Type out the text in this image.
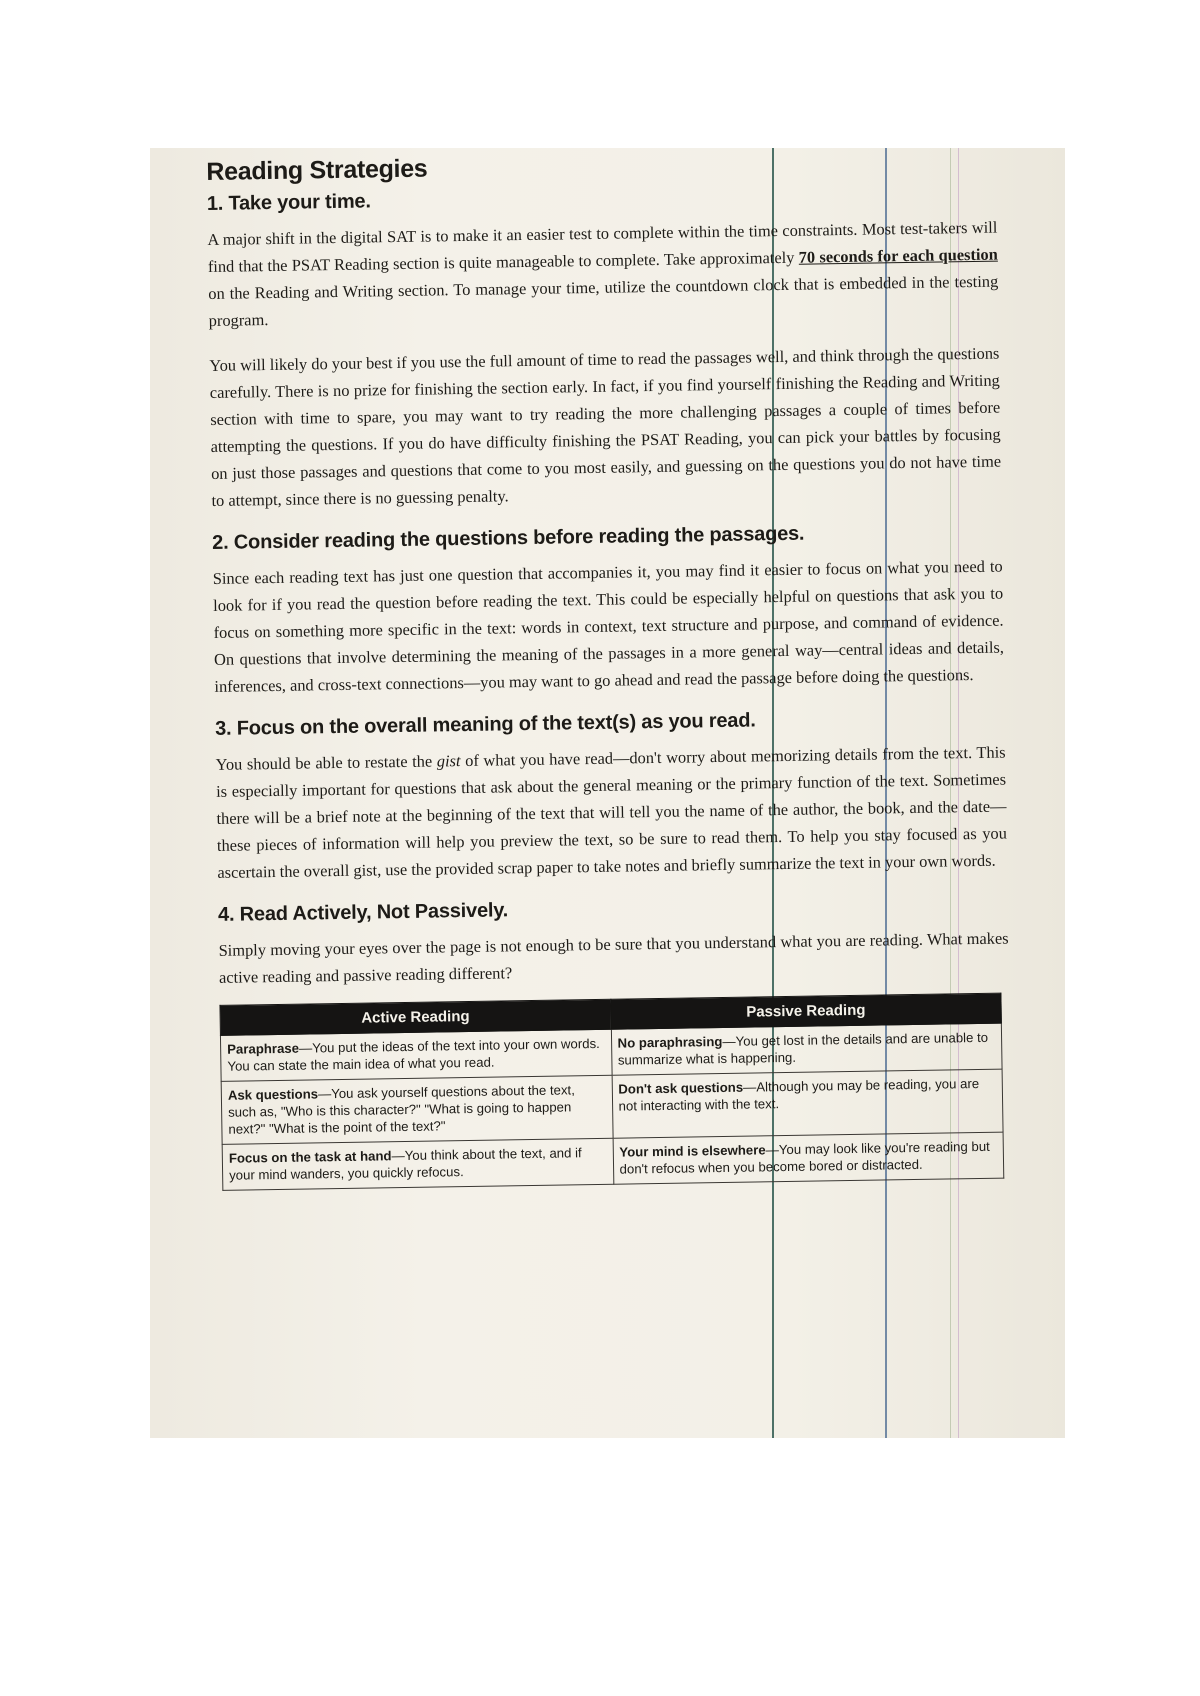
Reading Strategies
1. Take your time.

A major shift in the digital SAT is to make it an easier test to complete within the time constraints. Most test-takers will find that the PSAT Reading section is quite manageable to complete. Take approximately 70 seconds for each question on the Reading and Writing section. To manage your time, utilize the countdown clock that is embedded in the testing program.

You will likely do your best if you use the full amount of time to read the passages well, and think through the questions carefully. There is no prize for finishing the section early. In fact, if you find yourself finishing the Reading and Writing section with time to spare, you may want to try reading the more challenging passages a couple of times before attempting the questions. If you do have difficulty finishing the PSAT Reading, you can pick your battles by focusing on just those passages and questions that come to you most easily, and guessing on the questions you do not have time to attempt, since there is no guessing penalty.

2. Consider reading the questions before reading the passages.

Since each reading text has just one question that accompanies it, you may find it easier to focus on what you need to look for if you read the question before reading the text. This could be especially helpful on questions that ask you to focus on something more specific in the text: words in context, text structure and purpose, and command of evidence. On questions that involve determining the meaning of the passages in a more general way—central ideas and details, inferences, and cross-text connections—you may want to go ahead and read the passage before doing the questions.

3. Focus on the overall meaning of the text(s) as you read.

You should be able to restate the gist of what you have read—don't worry about memorizing details from the text. This is especially important for questions that ask about the general meaning or the primary function of the text. Sometimes there will be a brief note at the beginning of the text that will tell you the name of the author, the book, and the date—these pieces of information will help you preview the text, so be sure to read them. To help you stay focused as you ascertain the overall gist, use the provided scrap paper to take notes and briefly summarize the text in your own words.

4. Read Actively, Not Passively.

Simply moving your eyes over the page is not enough to be sure that you understand what you are reading. What makes active reading and passive reading different?

Active Reading	Passive Reading
Paraphrase—You put the ideas of the text into your own words. You can state the main idea of what you read.	No paraphrasing—You get lost in the details and are unable to summarize what is happening.
Ask questions—You ask yourself questions about the text, such as, "Who is this character?" "What is going to happen next?" "What is the point of the text?"	Don't ask questions—Although you may be reading, you are not interacting with the text.
Focus on the task at hand—You think about the text, and if your mind wanders, you quickly refocus.	Your mind is elsewhere—You may look like you're reading but don't refocus when you become bored or distracted.
